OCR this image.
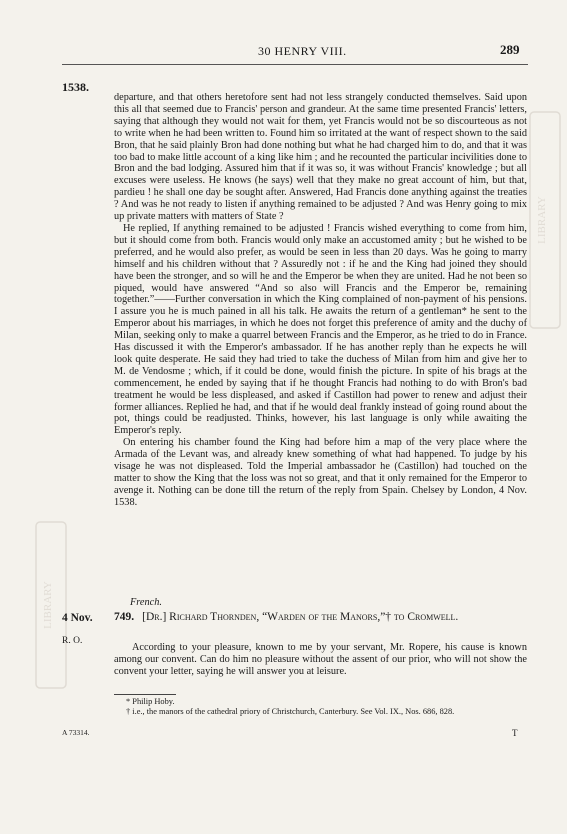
LIBRARY
LIBRARY
30 HENRY VIII.	289
1538.

departure, and that others heretofore sent had not less strangely conducted themselves. Said upon this all that seemed due to Francis' person and grandeur. At the same time presented Francis' letters, saying that although they would not wait for them, yet Francis would not be so discourteous as not to write when he had been written to. Found him so irritated at the want of respect shown to the said Bron, that he said plainly Bron had done nothing but what he had charged him to do, and that it was too bad to make little account of a king like him ; and he recounted the particular incivilities done to Bron and the bad lodging. Assured him that if it was so, it was without Francis' knowledge ; but all excuses were useless. He knows (he says) well that they make no great account of him, but that, pardieu ! he shall one day be sought after. Answered, Had Francis done anything against the treaties ? And was he not ready to listen if anything remained to be adjusted ? And was Henry going to mix up private matters with matters of State ?

He replied, If anything remained to be adjusted ! Francis wished everything to come from him, but it should come from both. Francis would only make an accustomed amity ; but he wished to be preferred, and he would also prefer, as would be seen in less than 20 days. Was he going to marry himself and his children without that ? Assuredly not : if he and the King had joined they should have been the stronger, and so will he and the Emperor be when they are united. Had he not been so piqued, would have answered “And so also will Francis and the Emperor be, remaining together.”——Further conversation in which the King complained of non-payment of his pensions. I assure you he is much pained in all his talk. He awaits the return of a gentleman* he sent to the Emperor about his marriages, in which he does not forget this preference of amity and the duchy of Milan, seeking only to make a quarrel between Francis and the Emperor, as he tried to do in France. Has discussed it with the Emperor's ambassador. If he has another reply than he expects he will look quite desperate. He said they had tried to take the duchess of Milan from him and give her to M. de Vendosme ; which, if it could be done, would finish the picture. In spite of his brags at the commencement, he ended by saying that if he thought Francis had nothing to do with Bron's bad treatment he would be less displeased, and asked if Castillon had power to renew and adjust their former alliances. Replied he had, and that if he would deal frankly instead of going round about the pot, things could be readjusted. Thinks, however, his last language is only while awaiting the Emperor's reply.

On entering his chamber found the King had before him a map of the very place where the Armada of the Levant was, and already knew something of what had happened. To judge by his visage he was not displeased. Told the Imperial ambassador he (Castillon) had touched on the matter to show the King that the loss was not so great, and that it only remained for the Emperor to avenge it. Nothing can be done till the return of the reply from Spain. Chelsey by London, 4 Nov. 1538.

French.
4 Nov.
R. O.
749. [Dr.] Richard Thornden, “Warden of the Manors,”† to Cromwell.
According to your pleasure, known to me by your servant, Mr. Ropere, his cause is known among our convent. Can do him no pleasure without the assent of our prior, who will not show the convent your letter, saying he will answer you at leisure.
* Philip Hoby.
† i.e., the manors of the cathedral priory of Christchurch, Canterbury. See Vol. IX., Nos. 686, 828.
A 73314.	T
